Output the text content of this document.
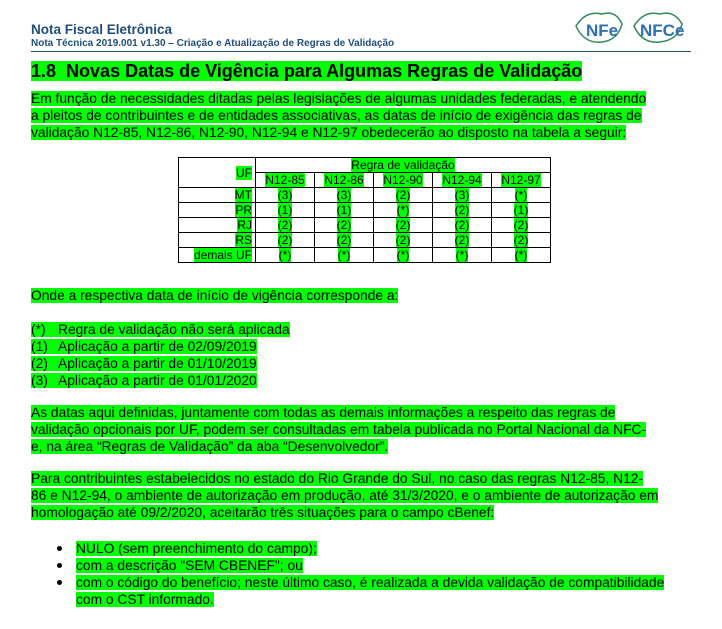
Nota Fiscal Eletrônica
Nota Técnica 2019.001 v1.30 – Criação e Atualização de Regras de Validação
NFe NFCe
1.8 Novas Datas de Vigência para Algumas Regras de Validação
Em função de necessidades ditadas pelas legislações de algumas unidades federadas, e atendendo
a pleitos de contribuintes e de entidades associativas, as datas de início de exigência das regras de
validação N12-85, N12-86, N12-90, N12-94 e N12-97 obedecerão ao disposto na tabela a seguir:
UF	Regra de validação				
	N12-85	N12-86	N12-90	N12-94	N12-97
MT	(3)	(3)	(2)	(3)	(*)
PR	(1)	(1)	(*)	(2)	(1)
RJ	(2)	(2)	(2)	(2)	(2)
RS	(2)	(2)	(2)	(2)	(2)
demais UF	(*)	(*)	(*)	(*)	(*)
Onde a respectiva data de início de vigência corresponde a:
(*) Regra de validação não será aplicada
(1) Aplicação a partir de 02/09/2019
(2) Aplicação a partir de 01/10/2019
(3) Aplicação a partir de 01/01/2020
As datas aqui definidas, juntamente com todas as demais informações a respeito das regras de
validação opcionais por UF, podem ser consultadas em tabela publicada no Portal Nacional da NFC-
e, na área “Regras de Validação” da aba “Desenvolvedor”.
Para contribuintes estabelecidos no estado do Rio Grande do Sul, no caso das regras N12-85, N12-
86 e N12-94, o ambiente de autorização em produção, até 31/3/2020, e o ambiente de autorização em
homologação até 09/2/2020, aceitarão três situações para o campo cBenef:
NULO (sem preenchimento do campo);
com a descrição "SEM CBENEF"; ou
com o código do benefício; neste último caso, é realizada a devida validação de compatibilidade com o CST informado.
